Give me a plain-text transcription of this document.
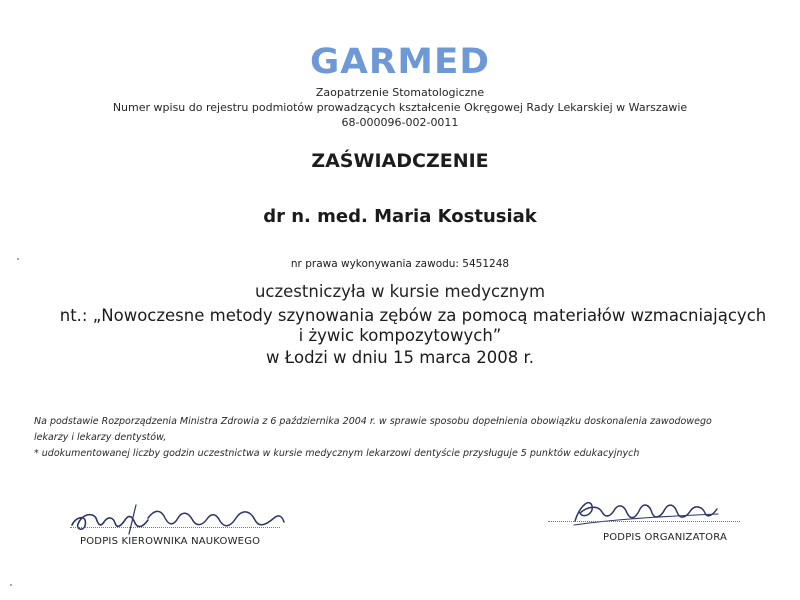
GARMED
Zaopatrzenie Stomatologiczne
Numer wpisu do rejestru podmiotów prowadzących kształcenie Okręgowej Rady Lekarskiej w Warszawie
68-000096-002-0011
ZAŚWIADCZENIE
dr n. med. Maria Kostusiak
nr prawa wykonywania zawodu: 5451248
uczestniczyła w kursie medycznym
nt.: „Nowoczesne metody szynowania zębów za pomocą materiałów wzmacniających
i żywic kompozytowych”
w Łodzi w dniu 15 marca 2008 r.
Na podstawie Rozporządzenia Ministra Zdrowia z 6 października 2004 r. w sprawie sposobu dopełnienia obowiązku doskonalenia zawodowego
lekarzy i lekarzy dentystów,
* udokumentowanej liczby godzin uczestnictwa w kursie medycznym lekarzowi dentyście przysługuje 5 punktów edukacyjnych
PODPIS KIEROWNIKA NAUKOWEGO	PODPIS ORGANIZATORA
